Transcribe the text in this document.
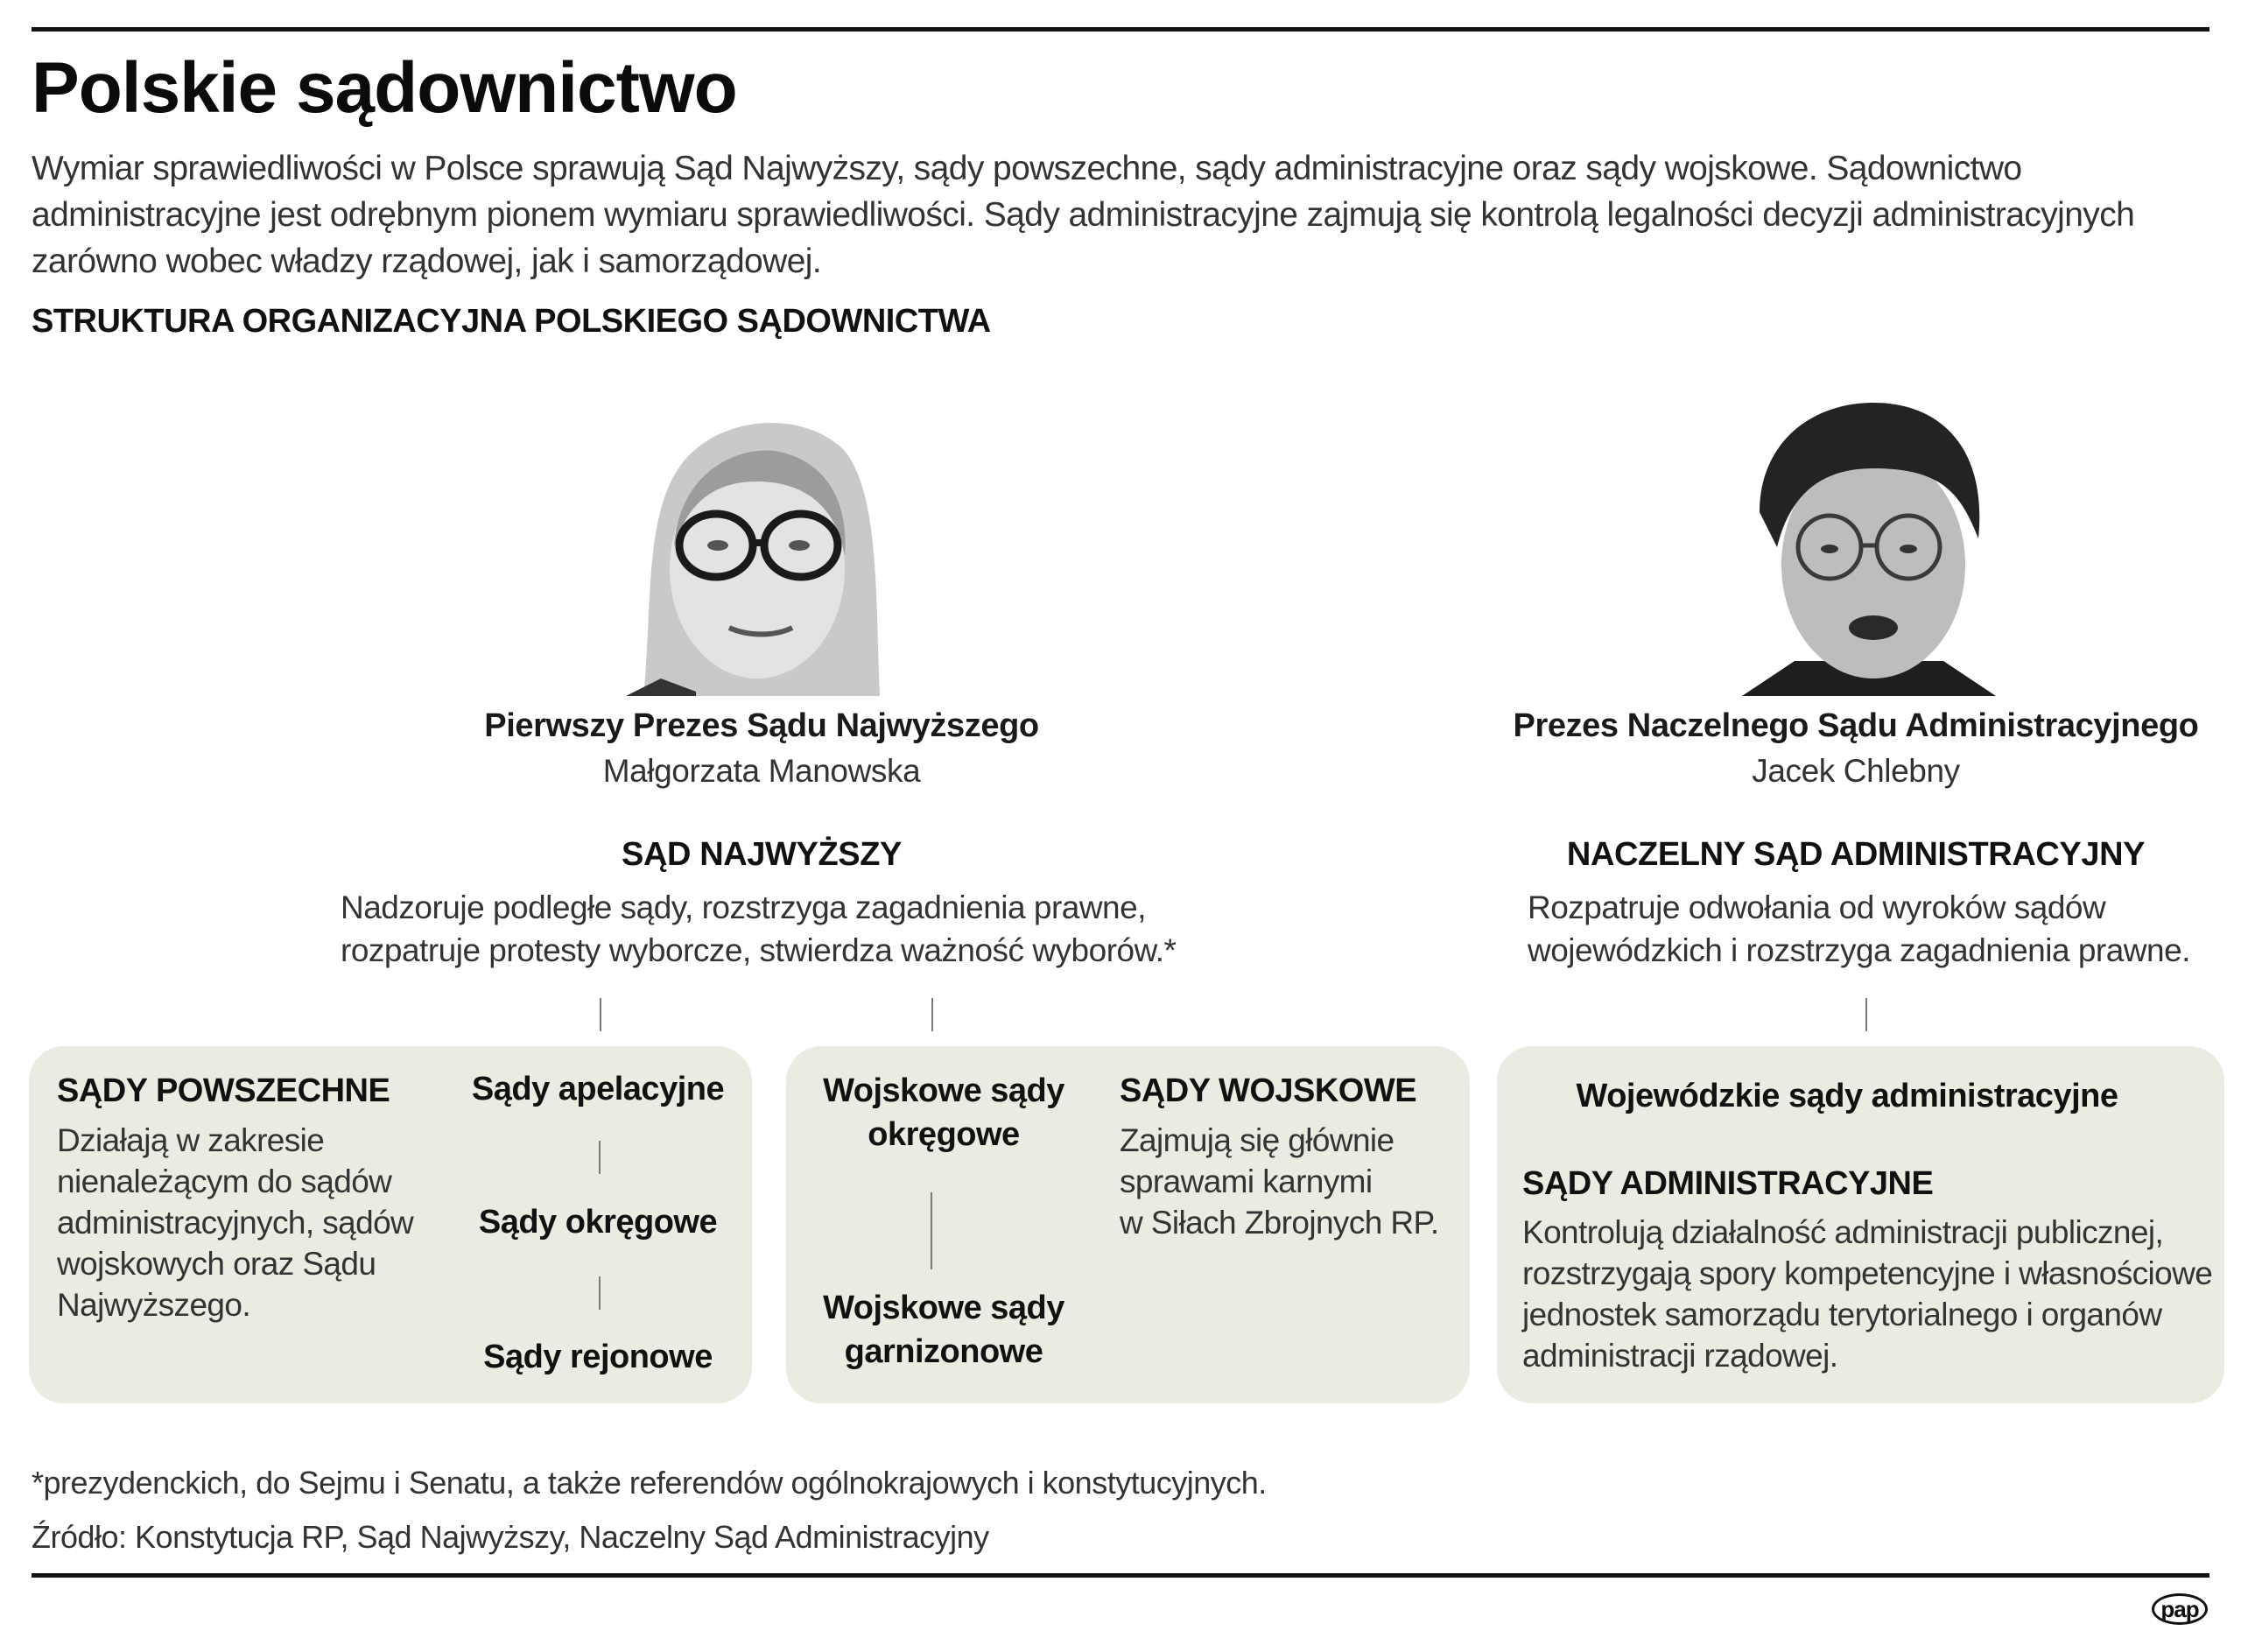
Polskie sądownictwo
Wymiar sprawiedliwości w Polsce sprawują Sąd Najwyższy, sądy powszechne, sądy administracyjne oraz sądy wojskowe. Sądownictwo administracyjne jest odrębnym pionem wymiaru sprawiedliwości. Sądy administracyjne zajmują się kontrolą legalności decyzji administracyjnych zarówno wobec władzy rządowej, jak i samorządowej.
STRUKTURA ORGANIZACYJNA POLSKIEGO SĄDOWNICTWA
Pierwszy Prezes Sądu Najwyższego
Małgorzata Manowska
SĄD NAJWYŻSZY
Nadzoruje podległe sądy, rozstrzyga zagadnienia prawne,
rozpatruje protesty wyborcze, stwierdza ważność wyborów.*
Prezes Naczelnego Sądu Administracyjnego
Jacek Chlebny
NACZELNY SĄD ADMINISTRACYJNY
Rozpatruje odwołania od wyroków sądów
wojewódzkich i rozstrzyga zagadnienia prawne.
SĄDY POWSZECHNE
Działają w zakresie
nienależącym do sądów
administracyjnych, sądów
wojskowych oraz Sądu
Najwyższego.
Sądy apelacyjne
Sądy okręgowe
Sądy rejonowe
Wojskowe sądy
okręgowe
Wojskowe sądy
garnizonowe
SĄDY WOJSKOWE
Zajmują się głównie
sprawami karnymi
w Siłach Zbrojnych RP.
Wojewódzkie sądy administracyjne
SĄDY ADMINISTRACYJNE
Kontrolują działalność administracji publicznej,
rozstrzygają spory kompetencyjne i własnościowe
jednostek samorządu terytorialnego i organów
administracji rządowej.
*prezydenckich, do Sejmu i Senatu, a także referendów ogólnokrajowych i konstytucyjnych.
Źródło: Konstytucja RP, Sąd Najwyższy, Naczelny Sąd Administracyjny
pap
